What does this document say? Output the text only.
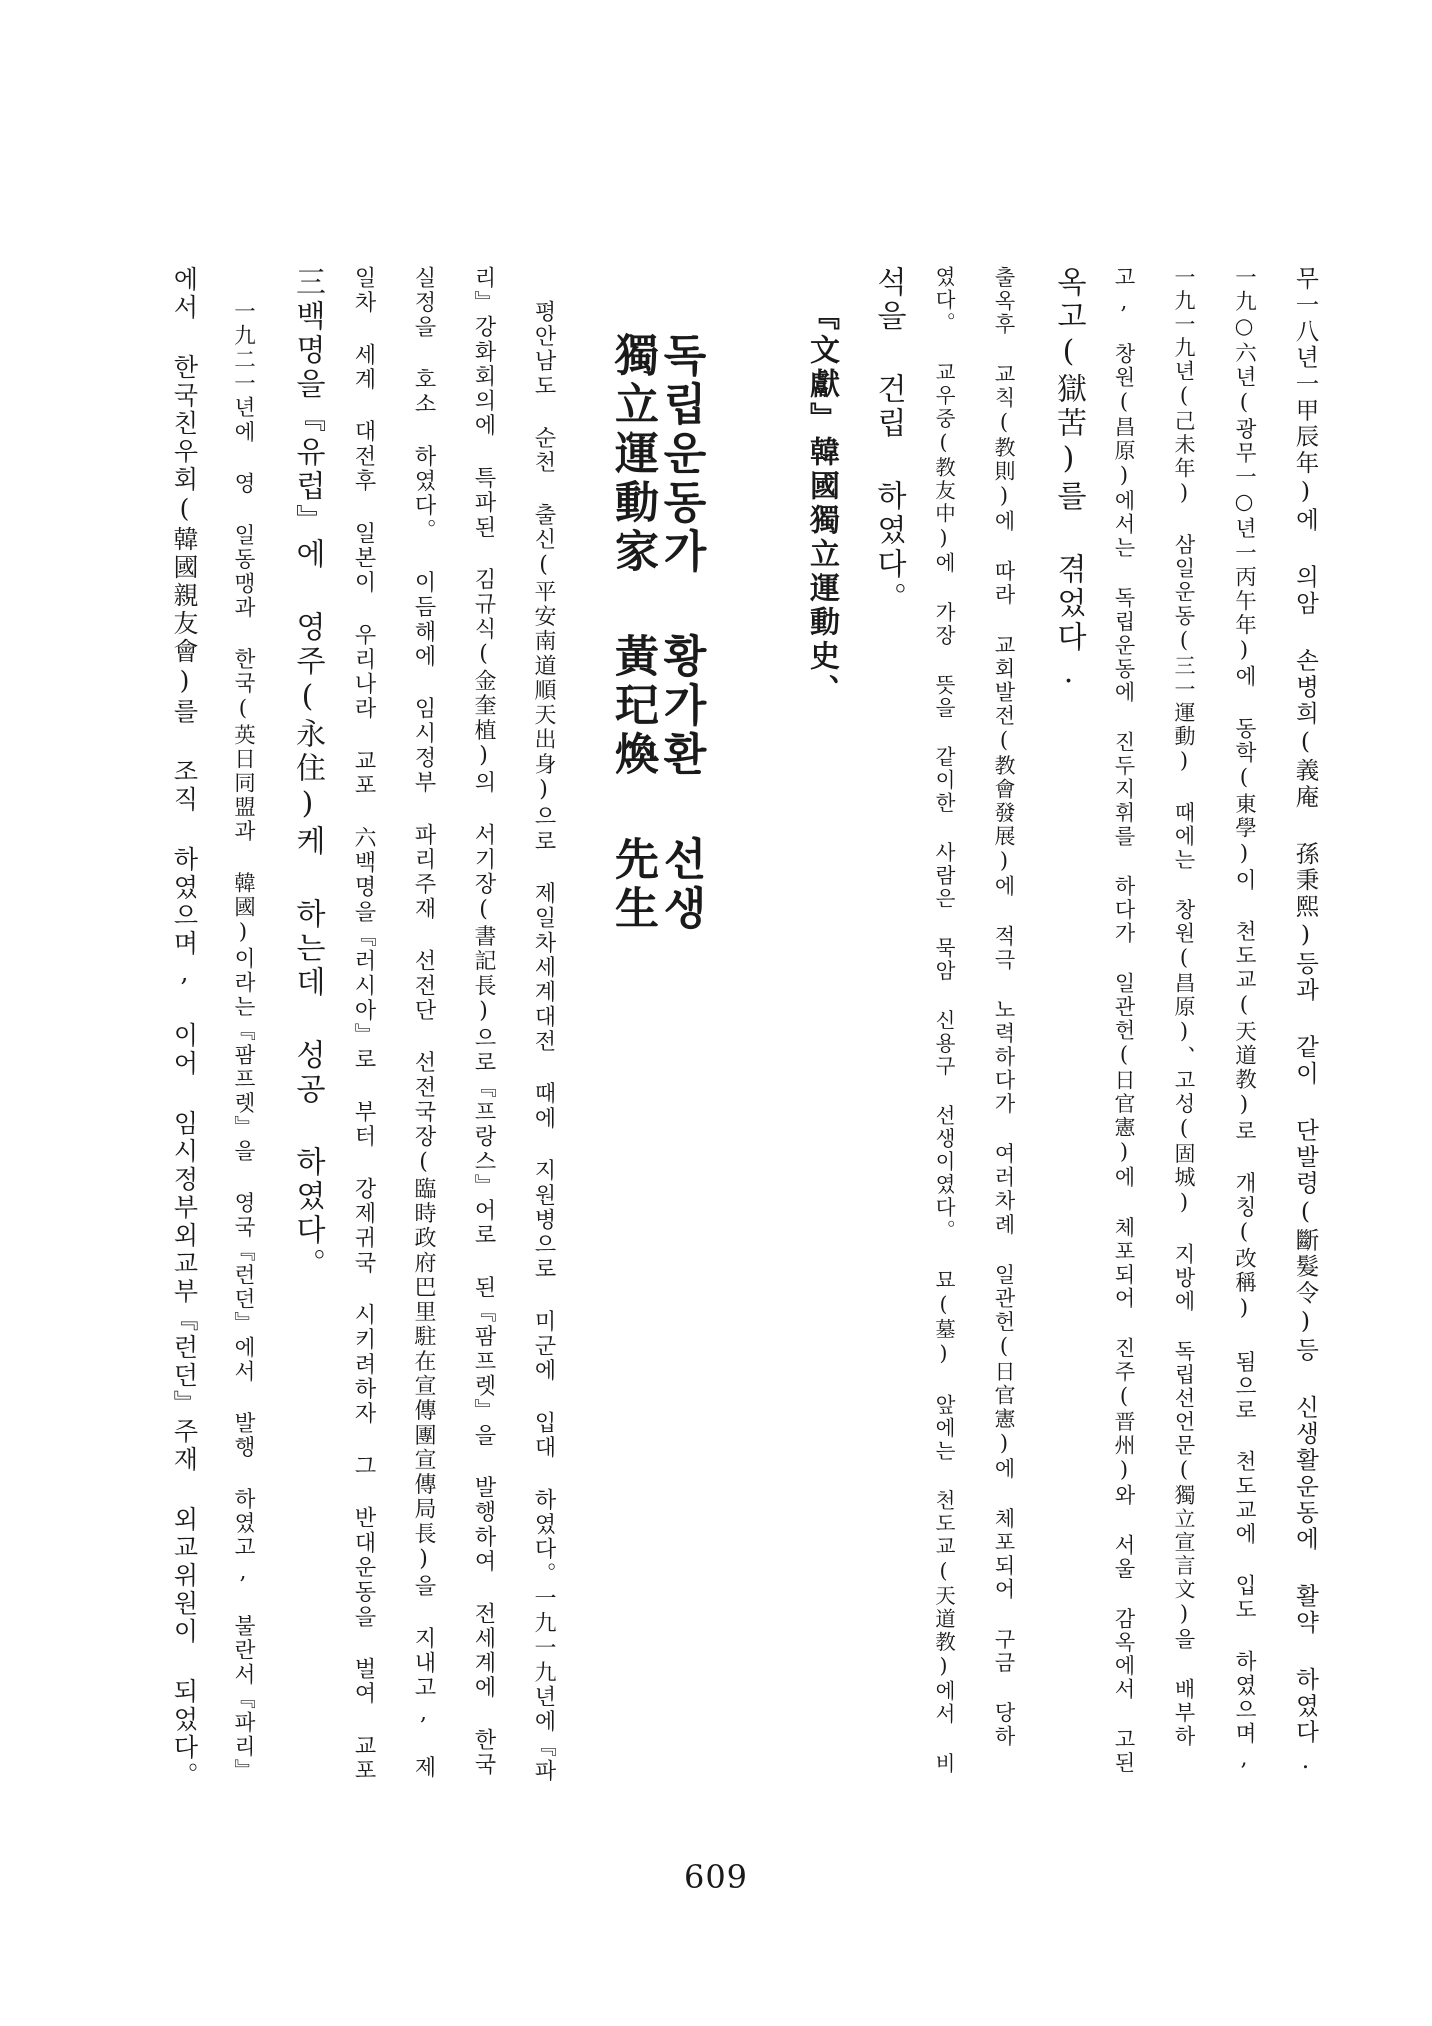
무一八년一甲辰年)에 의암 손병희(義庵 孫秉熙)등과 같이 단발령(斷髮令)등 신생활운동에 활약 하였다.
一九○六년(광무一○년一丙午年)에 동학(東學)이 천도교(天道教)로 개칭(改稱) 됨으로 천도교에 입도 하였으며,
一九一九년(己未年) 삼일운동(三一運動) 때에는 창원(昌原)、고성(固城) 지방에 독립선언문(獨立宣言文)을 배부하
고, 창원(昌原)에서는 독립운동에 진두지휘를 하다가 일관헌(日官憲)에 체포되어 진주(晋州)와 서울 감옥에서 고된
옥고(獄苦)를 겪었다.
출옥후 교칙(教則)에 따라 교회발전(教會發展)에 적극 노력하다가 여러차례 일관헌(日官憲)에 체포되어 구금 당하
였다。 교우중(教友中)에 가장 뜻을 같이한 사람은 묵암 신용구 선생이였다。 묘(墓) 앞에는 천도교(天道教)에서 비
석을 건립 하였다。
『文獻』韓國獨立運動史、
독립운동가 황가환 선생
獨立運動家 黃玘煥 先生
평안남도 순천 출신(平安南道順天出身)으로 제일차세계대전 때에 지원병으로 미군에 입대 하였다。一九一九년에『파
리』강화회의에 특파된 김규식(金奎植)의 서기장(書記長)으로『프랑스』어로 된『팜프렛』을 발행하여 전세계에 한국
실정을 호소 하였다。 이듬해에 임시정부 파리주재 선전단 선전국장(臨時政府巴里駐在宣傳團宣傳局長)을 지내고, 제
일차 세계 대전후 일본이 우리나라 교포 六백명을『러시아』로 부터 강제귀국 시키려하자 그 반대운동을 벌여 교포
三백명을『유럽』에 영주(永住)케 하는데 성공 하였다。
一九二一년에 영 일동맹과 한국(英日同盟과 韓國)이라는『팜프렛』을 영국『런던』에서 발행 하였고, 불란서『파리』
에서 한국친우회(韓國親友會)를 조직 하였으며, 이어 임시정부외교부『런던』주재 외교위원이 되었다。
609
